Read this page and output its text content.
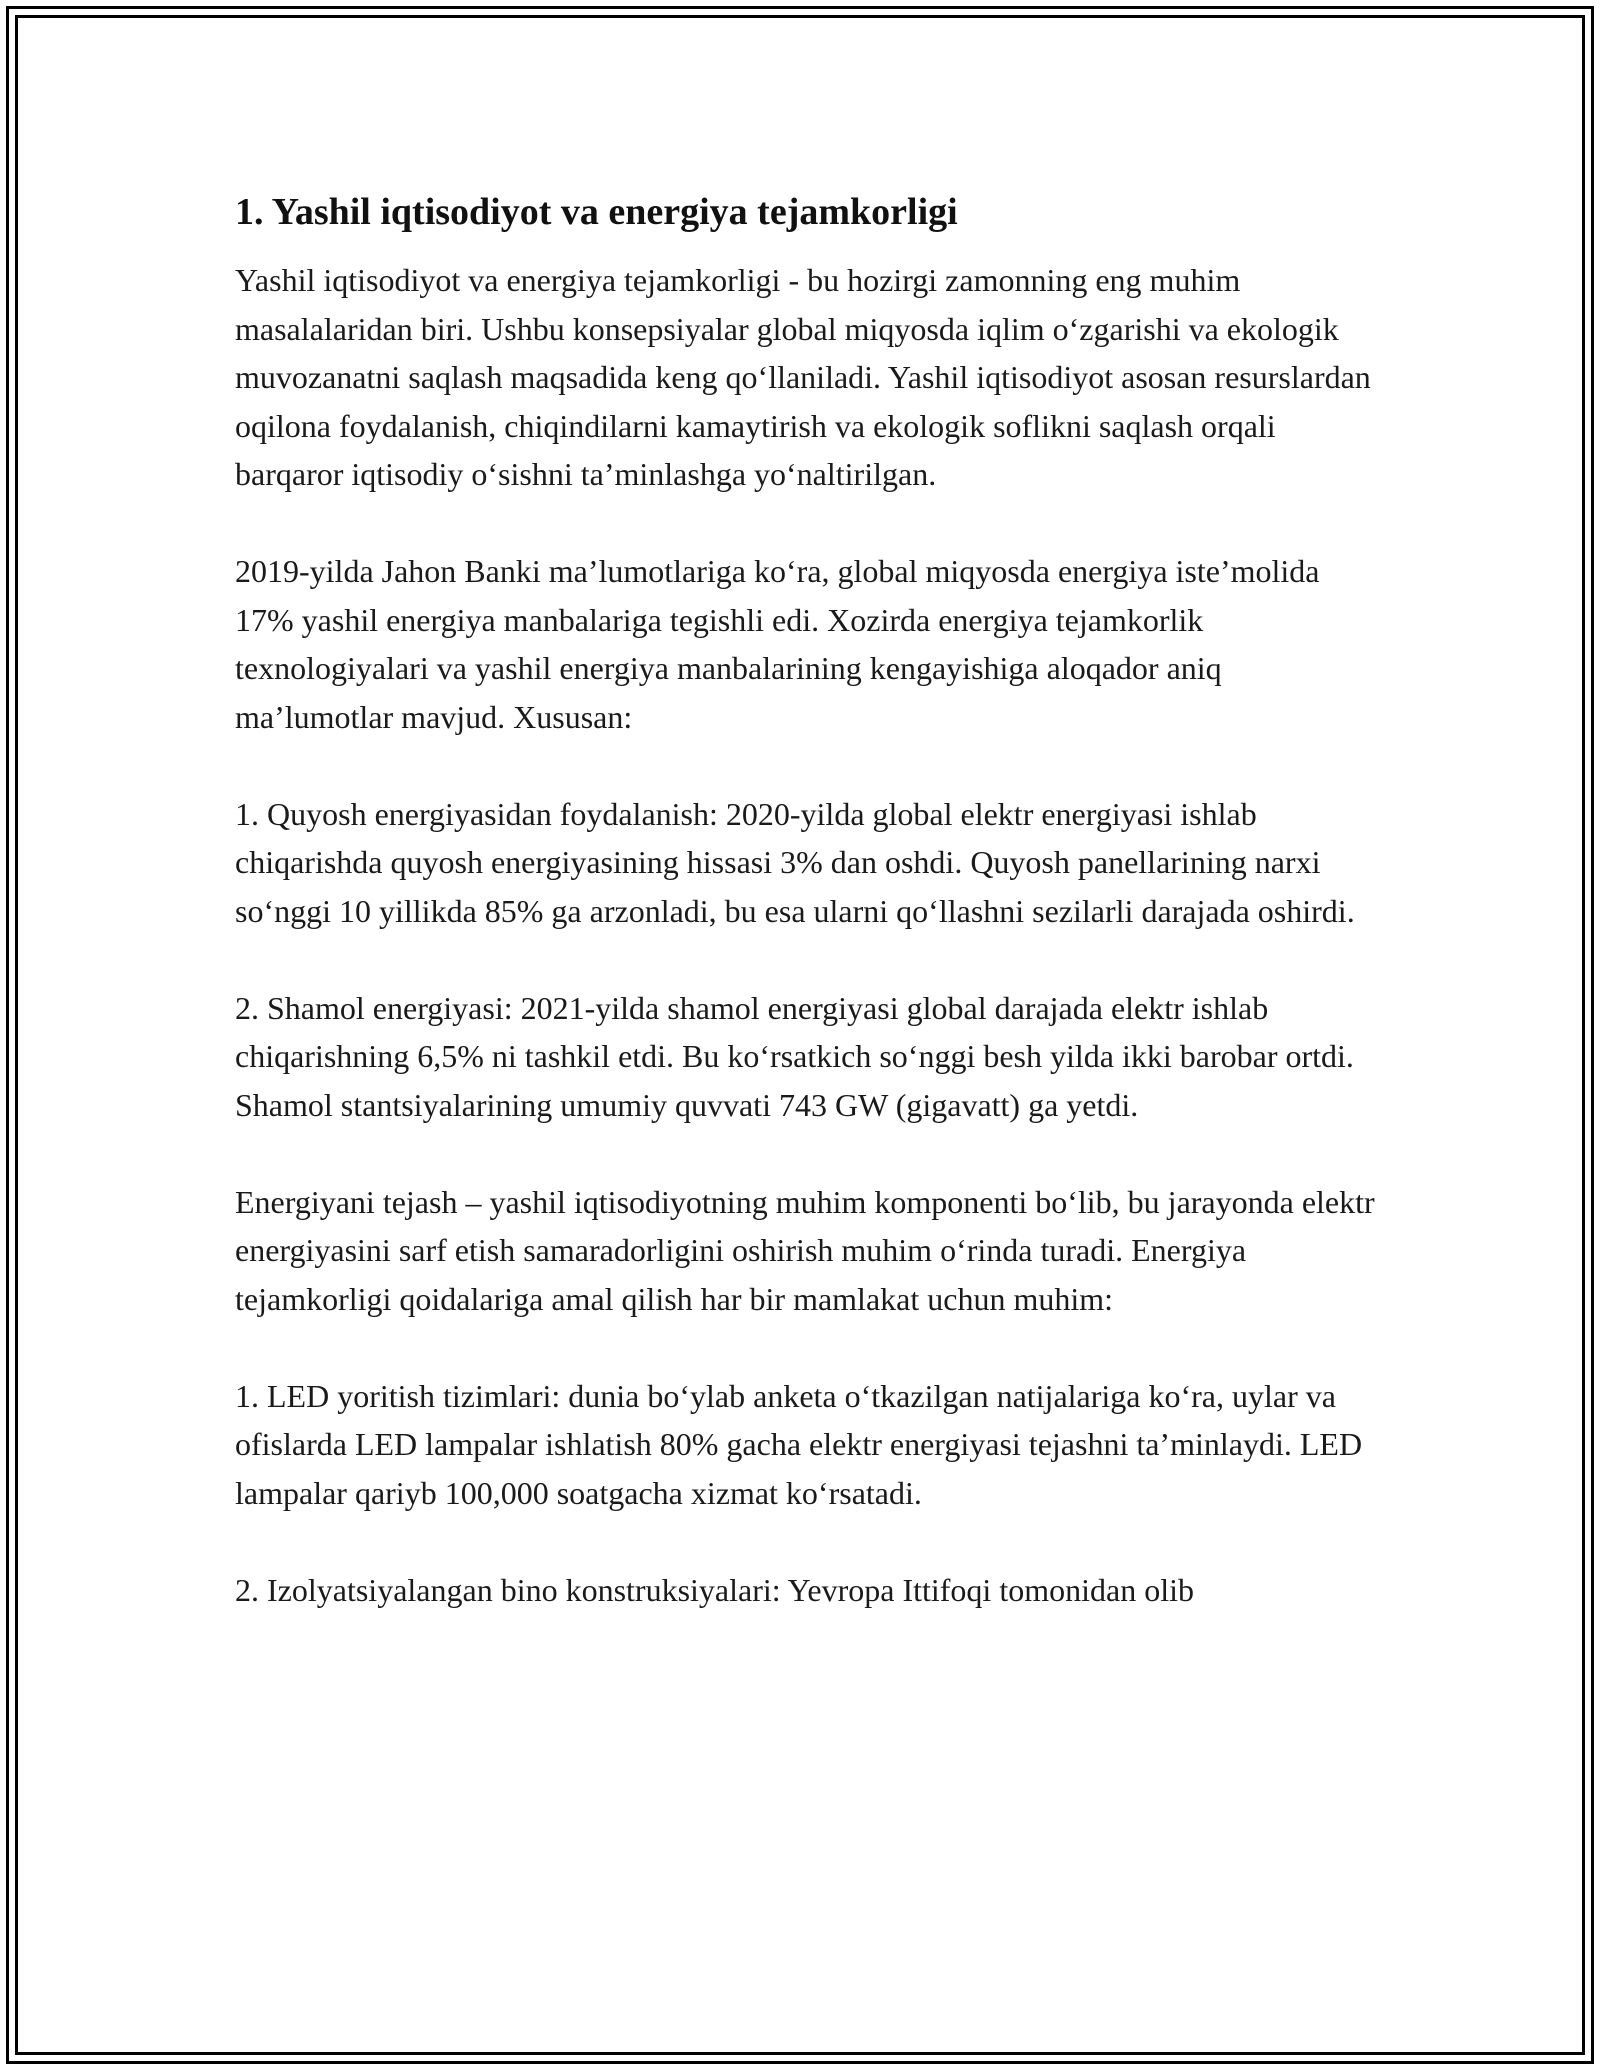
1. Yashil iqtisodiyot va energiya tejamkorligi

Yashil iqtisodiyot va energiya tejamkorligi - bu hozirgi zamonning eng muhim masalalaridan biri. Ushbu konsepsiyalar global miqyosda iqlim o‘zgarishi va ekologik muvozanatni saqlash maqsadida keng qo‘llaniladi. Yashil iqtisodiyot asosan resurslardan oqilona foydalanish, chiqindilarni kamaytirish va ekologik soflikni saqlash orqali barqaror iqtisodiy o‘sishni ta’minlashga yo‘naltirilgan.

2019-yilda Jahon Banki ma’lumotlariga ko‘ra, global miqyosda energiya iste’molida 17% yashil energiya manbalariga tegishli edi. Xozirda energiya tejamkorlik texnologiyalari va yashil energiya manbalarining kengayishiga aloqador aniq ma’lumotlar mavjud. Xususan:

1. Quyosh energiyasidan foydalanish: 2020-yilda global elektr energiyasi ishlab chiqarishda quyosh energiyasining hissasi 3% dan oshdi. Quyosh panellarining narxi so‘nggi 10 yillikda 85% ga arzonladi, bu esa ularni qo‘llashni sezilarli darajada oshirdi.

2. Shamol energiyasi: 2021-yilda shamol energiyasi global darajada elektr ishlab chiqarishning 6,5% ni tashkil etdi. Bu ko‘rsatkich so‘nggi besh yilda ikki barobar ortdi. Shamol stantsiyalarining umumiy quvvati 743 GW (gigavatt) ga yetdi.

Energiyani tejash – yashil iqtisodiyotning muhim komponenti bo‘lib, bu jarayonda elektr energiyasini sarf etish samaradorligini oshirish muhim o‘rinda turadi. Energiya tejamkorligi qoidalariga amal qilish har bir mamlakat uchun muhim:

1. LED yoritish tizimlari: dunia bo‘ylab anketa o‘tkazilgan natijalariga ko‘ra, uylar va ofislarda LED lampalar ishlatish 80% gacha elektr energiyasi tejashni ta’minlaydi. LED lampalar qariyb 100,000 soatgacha xizmat ko‘rsatadi.

2. Izolyatsiyalangan bino konstruksiyalari: Yevropa Ittifoqi tomonidan olib
